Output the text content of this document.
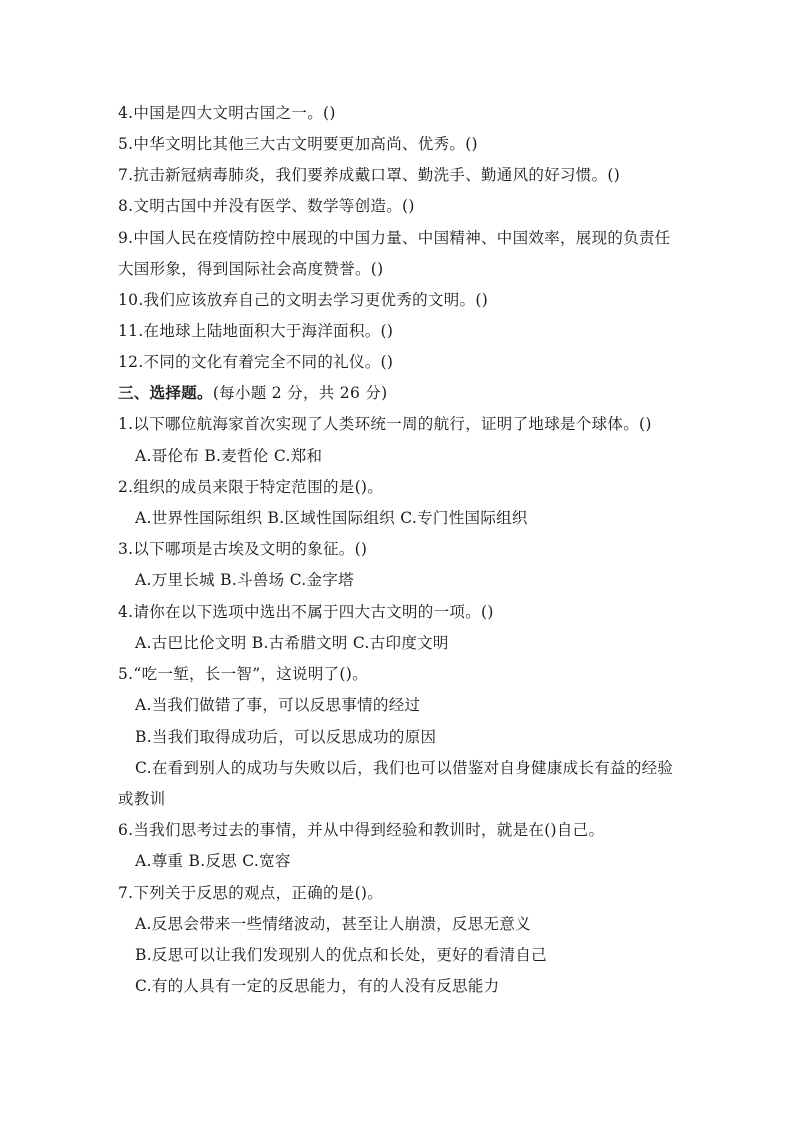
4.中国是四大文明古国之一。()
5.中华文明比其他三大古文明要更加高尚、优秀。()
7.抗击新冠病毒肺炎，我们要养成戴口罩、勤洗手、勤通风的好习惯。()
8.文明古国中并没有医学、数学等创造。()
9.中国人民在疫情防控中展现的中国力量、中国精神、中国效率，展现的负责任
大国形象，得到国际社会高度赞誉。()
10.我们应该放弃自己的文明去学习更优秀的文明。()
11.在地球上陆地面积大于海洋面积。()
12.不同的文化有着完全不同的礼仪。()
三、选择题。(每小题 2 分，共 26 分)
1.以下哪位航海家首次实现了人类环统一周的航行，证明了地球是个球体。()
A.哥伦布 B.麦哲伦 C.郑和
2.组织的成员来限于特定范围的是()。
A.世界性国际组织 B.区域性国际组织 C.专门性国际组织
3.以下哪项是古埃及文明的象征。()
A.万里长城 B.斗兽场 C.金字塔
4.请你在以下选项中选出不属于四大古文明的一项。()
A.古巴比伦文明 B.古希腊文明 C.古印度文明
5.“吃一堑，长一智”，这说明了()。
A.当我们做错了事，可以反思事情的经过
B.当我们取得成功后，可以反思成功的原因
C.在看到别人的成功与失败以后，我们也可以借鉴对自身健康成长有益的经验
或教训
6.当我们思考过去的事情，并从中得到经验和教训时，就是在()自己。
A.尊重 B.反思 C.宽容
7.下列关于反思的观点，正确的是()。
A.反思会带来一些情绪波动，甚至让人崩溃，反思无意义
B.反思可以让我们发现别人的优点和长处，更好的看清自己
C.有的人具有一定的反思能力，有的人没有反思能力
